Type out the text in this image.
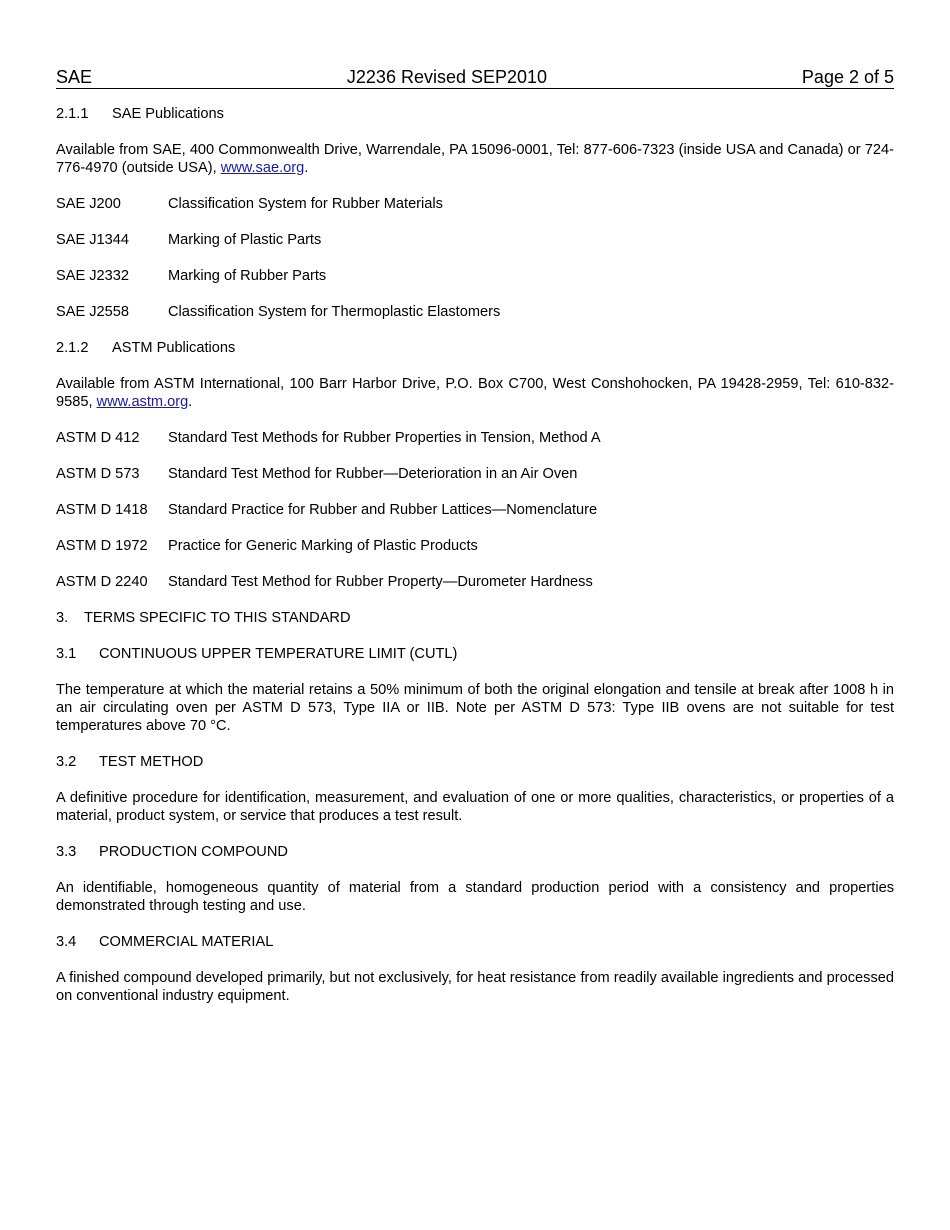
SAE	J2236 Revised SEP2010	Page 2 of 5
2.1.1 SAE Publications
Available from SAE, 400 Commonwealth Drive, Warrendale, PA 15096-0001, Tel: 877-606-7323 (inside USA and Canada) or 724-776-4970 (outside USA), www.sae.org.
SAE J200	Classification System for Rubber Materials
SAE J1344	Marking of Plastic Parts
SAE J2332	Marking of Rubber Parts
SAE J2558	Classification System for Thermoplastic Elastomers
2.1.2 ASTM Publications
Available from ASTM International, 100 Barr Harbor Drive, P.O. Box C700, West Conshohocken, PA 19428-2959, Tel: 610-832-9585, www.astm.org.
ASTM D 412 Standard Test Methods for Rubber Properties in Tension, Method A
ASTM D 573 Standard Test Method for Rubber—Deterioration in an Air Oven
ASTM D 1418 Standard Practice for Rubber and Rubber Lattices—Nomenclature
ASTM D 1972 Practice for Generic Marking of Plastic Products
ASTM D 2240 Standard Test Method for Rubber Property—Durometer Hardness
3. TERMS SPECIFIC TO THIS STANDARD
3.1 CONTINUOUS UPPER TEMPERATURE LIMIT (CUTL)
The temperature at which the material retains a 50% minimum of both the original elongation and tensile at break after 1008 h in an air circulating oven per ASTM D 573, Type IIA or IIB. Note per ASTM D 573: Type IIB ovens are not suitable for test temperatures above 70 °C.
3.2 TEST METHOD
A definitive procedure for identification, measurement, and evaluation of one or more qualities, characteristics, or properties of a material, product system, or service that produces a test result.
3.3 PRODUCTION COMPOUND
An identifiable, homogeneous quantity of material from a standard production period with a consistency and properties demonstrated through testing and use.
3.4 COMMERCIAL MATERIAL
A finished compound developed primarily, but not exclusively, for heat resistance from readily available ingredients and processed on conventional industry equipment.
